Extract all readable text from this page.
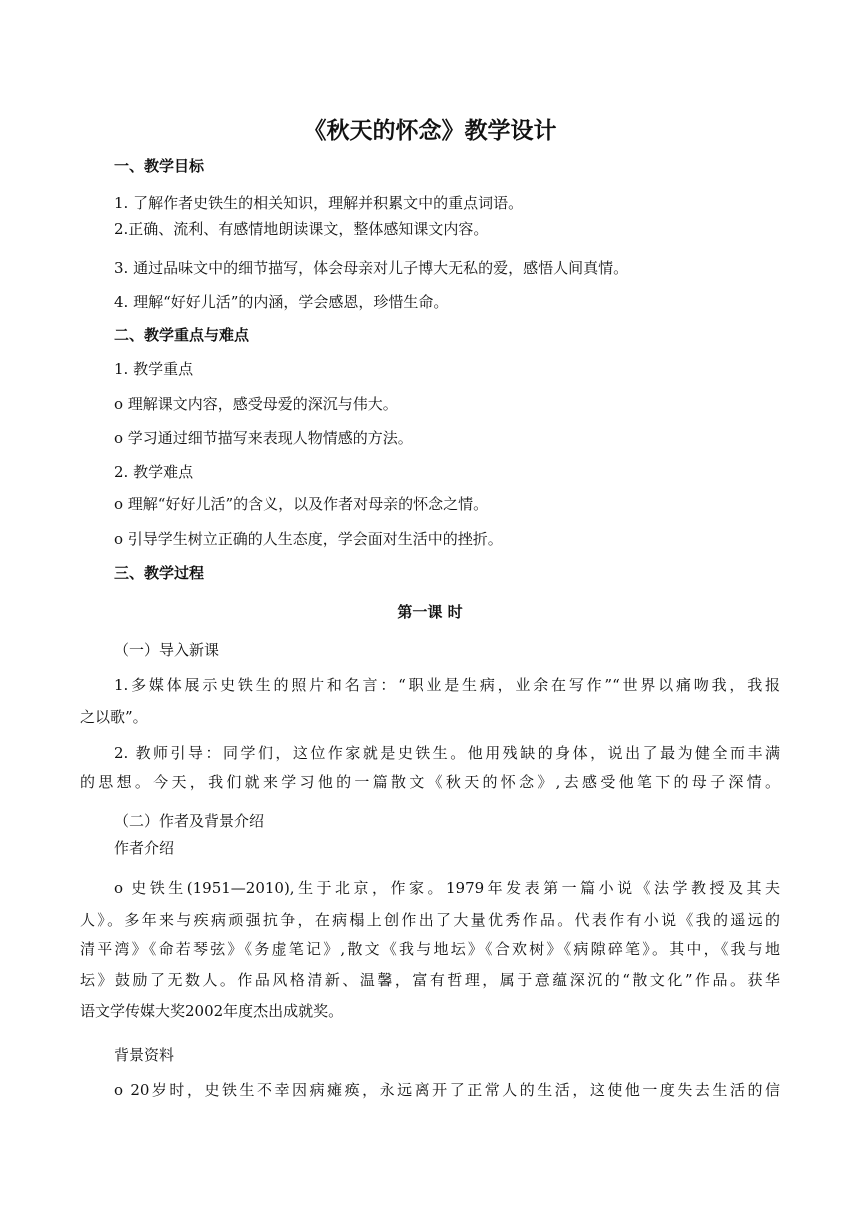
《秋天的怀念》教学设计

一、教学目标

1. 了解作者史铁生的相关知识，理解并积累文中的重点词语。

2.正确、流利、有感情地朗读课文，整体感知课文内容。

3. 通过品味文中的细节描写，体会母亲对儿子博大无私的爱，感悟人间真情。

4. 理解“好好儿活”的内涵，学会感恩，珍惜生命。

二、教学重点与难点

1. 教学重点

o 理解课文内容，感受母爱的深沉与伟大。

o 学习通过细节描写来表现人物情感的方法。

2. 教学难点

o 理解“好好儿活”的含义，以及作者对母亲的怀念之情。

o 引导学生树立正确的人生态度，学会面对生活中的挫折。

三、教学过程

第一课 时

（一）导入新课

1.多媒体展示史铁生的照片和名言：“职业是生病，业余在写作”“世界以痛吻我，我报

之以歌”。

2. 教师引导：同学们，这位作家就是史铁生。他用残缺的身体，说出了最为健全而丰满

的思想。今天，我们就来学习他的一篇散文《秋天的怀念》,去感受他笔下的母子深情。

（二）作者及背景介绍

作者介绍

o 史铁生(1951—2010),生于北京，作家。1979年发表第一篇小说《法学教授及其夫

人》。多年来与疾病顽强抗争，在病榻上创作出了大量优秀作品。代表作有小说《我的遥远的

清平湾》《命若琴弦》《务虚笔记》,散文《我与地坛》《合欢树》《病隙碎笔》。其中，《我与地

坛》鼓励了无数人。作品风格清新、温馨，富有哲理，属于意蕴深沉的“散文化”作品。获华

语文学传媒大奖2002年度杰出成就奖。

背景资料

o 20岁时，史铁生不幸因病瘫痪，永远离开了正常人的生活，这使他一度失去生活的信
